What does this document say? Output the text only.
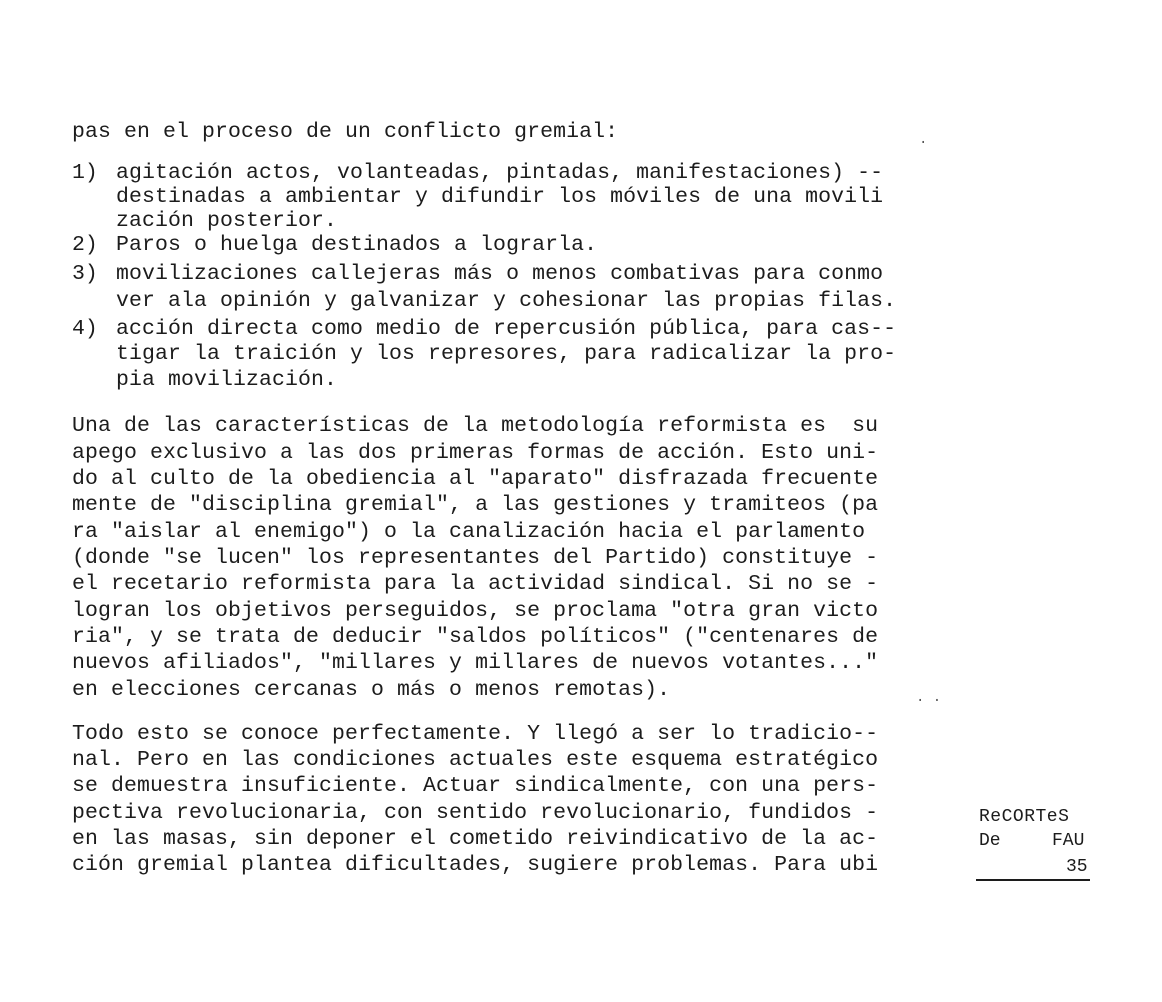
pas en el proceso de un conflicto gremial:
1) agitación actos, volanteadas, pintadas, manifestaciones) --
destinadas a ambientar y difundir los móviles de una movili
zación posterior.
2) Paros o huelga destinados a lograrla.
3) movilizaciones callejeras más o menos combativas para conmo
ver ala opinión y galvanizar y cohesionar las propias filas.
4) acción directa como medio de repercusión pública, para cas--
tigar la traición y los represores, para radicalizar la pro-
pia movilización.
Una de las características de la metodología reformista es  su
apego exclusivo a las dos primeras formas de acción. Esto uni-
do al culto de la obediencia al "aparato" disfrazada frecuente
mente de "disciplina gremial", a las gestiones y tramiteos (pa
ra "aislar al enemigo") o la canalización hacia el parlamento
(donde "se lucen" los representantes del Partido) constituye -
el recetario reformista para la actividad sindical. Si no se -
logran los objetivos perseguidos, se proclama "otra gran victo
ria", y se trata de deducir "saldos políticos" ("centenares de
nuevos afiliados", "millares y millares de nuevos votantes..."
en elecciones cercanas o más o menos remotas).
Todo esto se conoce perfectamente. Y llegó a ser lo tradicio--
nal. Pero en las condiciones actuales este esquema estratégico
se demuestra insuficiente. Actuar sindicalmente, con una pers-
pectiva revolucionaria, con sentido revolucionario, fundidos -
en las masas, sin deponer el cometido reivindicativo de la ac-
ción gremial plantea dificultades, sugiere problemas. Para ubi
ReCORTeS
De	FAU
35
.
. .
